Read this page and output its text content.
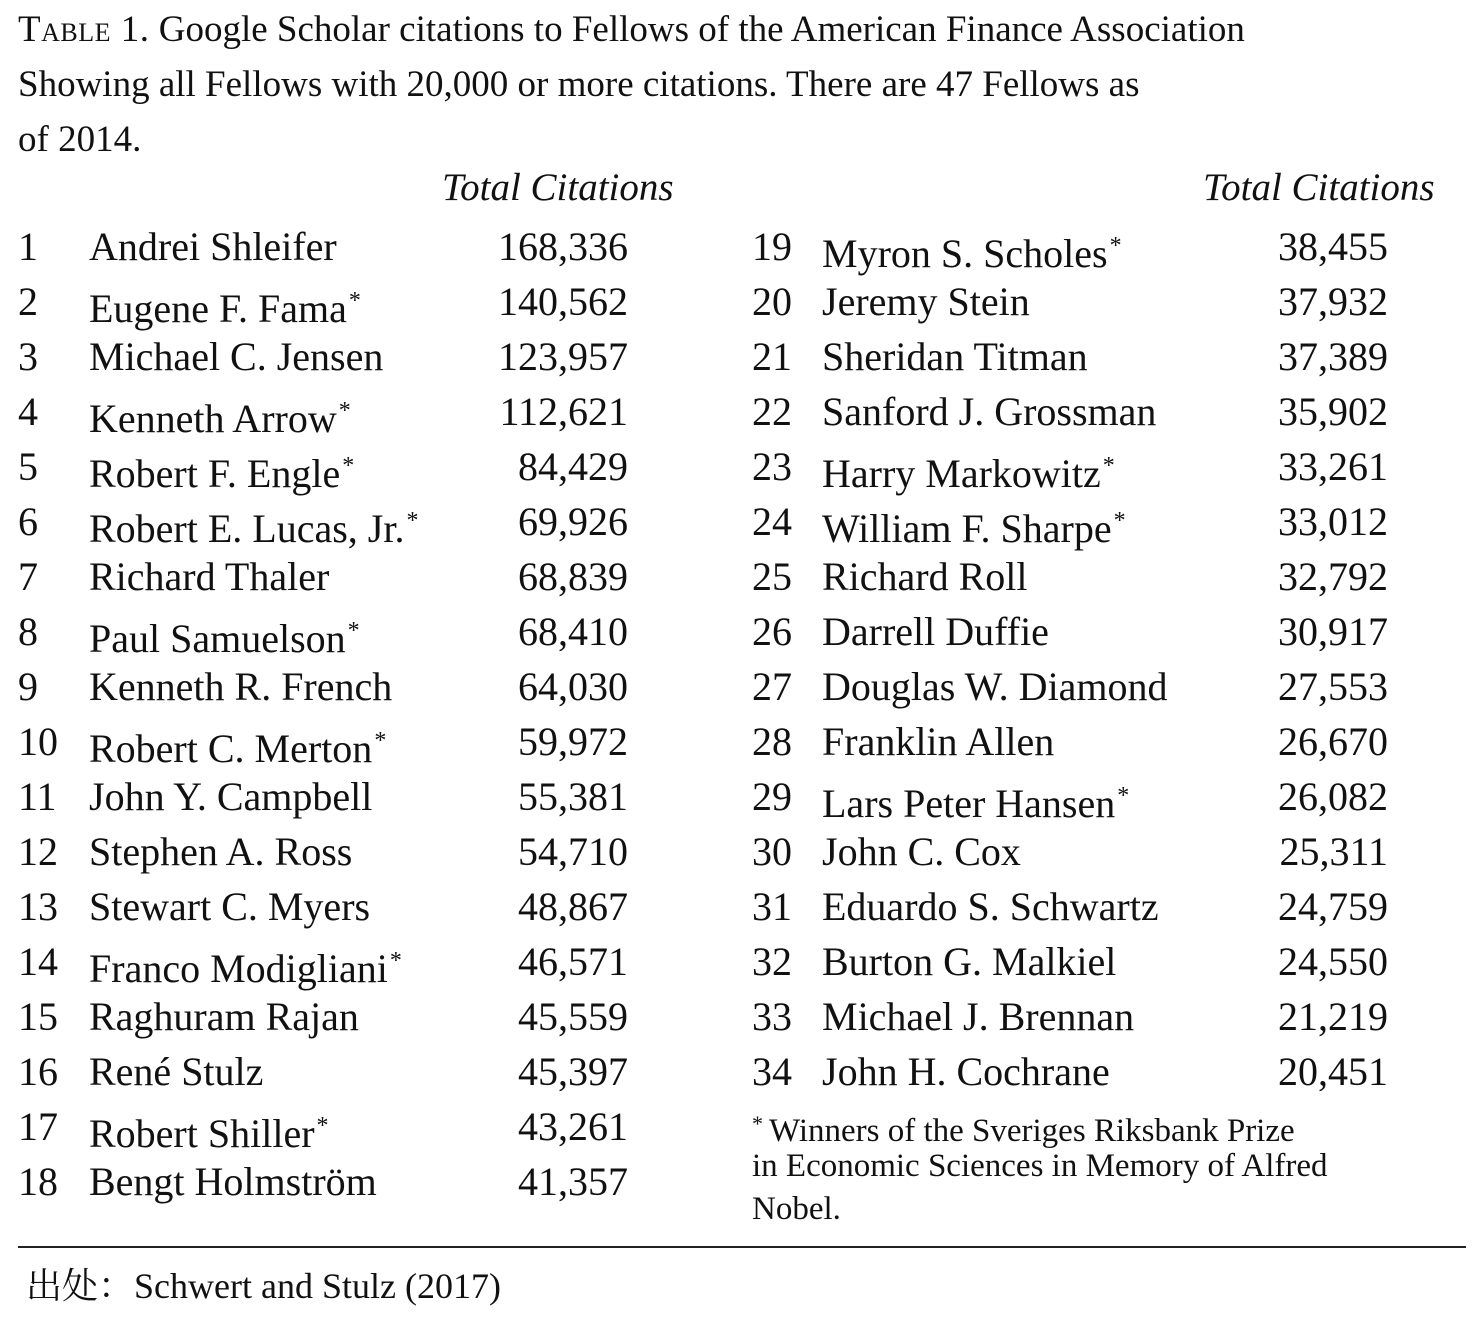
Table 1. Google Scholar citations to Fellows of the American Finance Association
Showing all Fellows with 20,000 or more citations. There are 47 Fellows as
of 2014.
Total Citations	Total Citations
1 Andrei Shleifer	168,336
2 Eugene F. Fama*	140,562
3 Michael C. Jensen	123,957
4 Kenneth Arrow*	112,621
5 Robert F. Engle*	84,429
6 Robert E. Lucas, Jr.*	69,926
7 Richard Thaler	68,839
8 Paul Samuelson*	68,410
9 Kenneth R. French	64,030
10 Robert C. Merton*	59,972
11 John Y. Campbell	55,381
12 Stephen A. Ross	54,710
13 Stewart C. Myers	48,867
14 Franco Modigliani*	46,571
15 Raghuram Rajan	45,559
16 René Stulz	45,397
17 Robert Shiller*	43,261
18 Bengt Holmström	41,357
19 Myron S. Scholes*	38,455
20 Jeremy Stein	37,932
21 Sheridan Titman	37,389
22 Sanford J. Grossman	35,902
23 Harry Markowitz*	33,261
24 William F. Sharpe*	33,012
25 Richard Roll	32,792
26 Darrell Duffie	30,917
27 Douglas W. Diamond	27,553
28 Franklin Allen	26,670
29 Lars Peter Hansen*	26,082
30 John C. Cox	25,311
31 Eduardo S. Schwartz	24,759
32 Burton G. Malkiel	24,550
33 Michael J. Brennan	21,219
34 John H. Cochrane	20,451
* Winners of the Sveriges Riksbank Prize
in Economic Sciences in Memory of Alfred
Nobel.
出处：Schwert and Stulz (2017)
